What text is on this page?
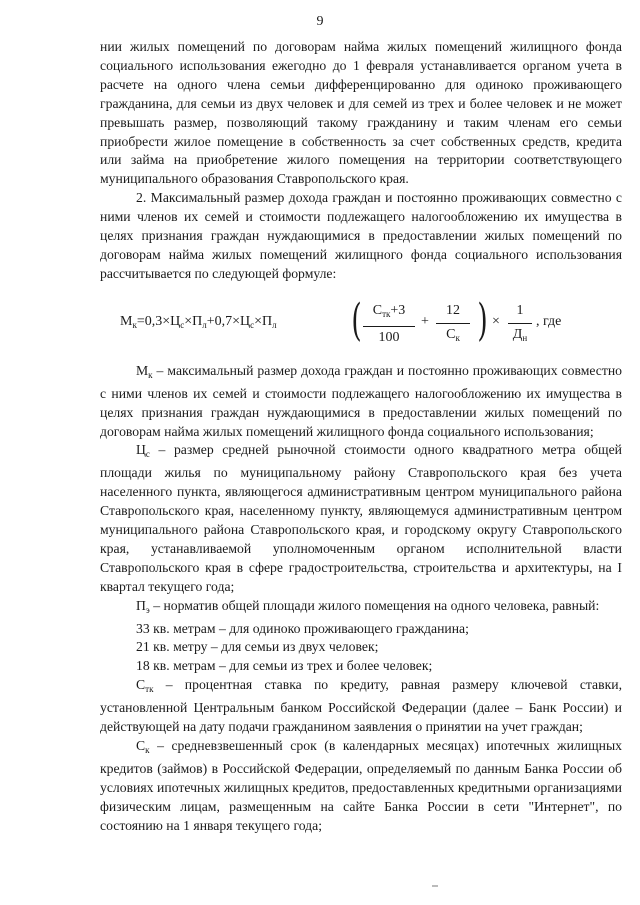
9

нии жилых помещений по договорам найма жилых помещений жилищного фонда социального использования ежегодно до 1 февраля устанавливается органом учета в расчете на одного члена семьи дифференцированно для одиноко проживающего гражданина, для семьи из двух человек и для семей из трех и более человек и не может превышать размер, позволяющий такому гражданину и таким членам его семьи приобрести жилое помещение в собственность за счет собственных средств, кредита или займа на приобретение жилого помещения на территории соответствующего муниципального образования Ставропольского края.

2. Максимальный размер дохода граждан и постоянно проживающих совместно с ними членов их семей и стоимости подлежащего налогообложению их имущества в целях признания граждан нуждающимися в предоставлении жилых помещений по договорам найма жилых помещений жилищного фонда социального использования рассчитывается по следующей формуле:

$М_к=0,3\times Ц_с\times П_л+0,7\times Ц_с\times П_л$ ( $С_{тк}+3$
100
+
12
$С_к$ ) ×
1
$Д_н$
, где

$М_к$ – максимальный размер дохода граждан и постоянно проживающих совместно с ними членов их семей и стоимости подлежащего налогообложению их имущества в целях признания граждан нуждающимися в предоставлении жилых помещений по договорам найма жилых помещений жилищного фонда социального использования;

$Ц_с$ – размер средней рыночной стоимости одного квадратного метра общей площади жилья по муниципальному району Ставропольского края без учета населенного пункта, являющегося административным центром муниципального района Ставропольского края, населенному пункту, являющемуся административным центром муниципального района Ставропольского края, и городскому округу Ставропольского края, устанавливаемой уполномоченным органом исполнительной власти Ставропольского края в сфере градостроительства, строительства и архитектуры, на I квартал текущего года;

$П_э$ – норматив общей площади жилого помещения на одного человека, равный:

33 кв. метрам – для одиноко проживающего гражданина;

21 кв. метру – для семьи из двух человек;

18 кв. метрам – для семьи из трех и более человек;

$С_{тк}$ – процентная ставка по кредиту, равная размеру ключевой ставки, установленной Центральным банком Российской Федерации (далее – Банк России) и действующей на дату подачи гражданином заявления о принятии на учет граждан;

$С_к$ – средневзвешенный срок (в календарных месяцах) ипотечных жилищных кредитов (займов) в Российской Федерации, определяемый по данным Банка России об условиях ипотечных жилищных кредитов, предоставленных кредитными организациями физическим лицам, размещенным на сайте Банка России в сети "Интернет", по состоянию на 1 января текущего года;
